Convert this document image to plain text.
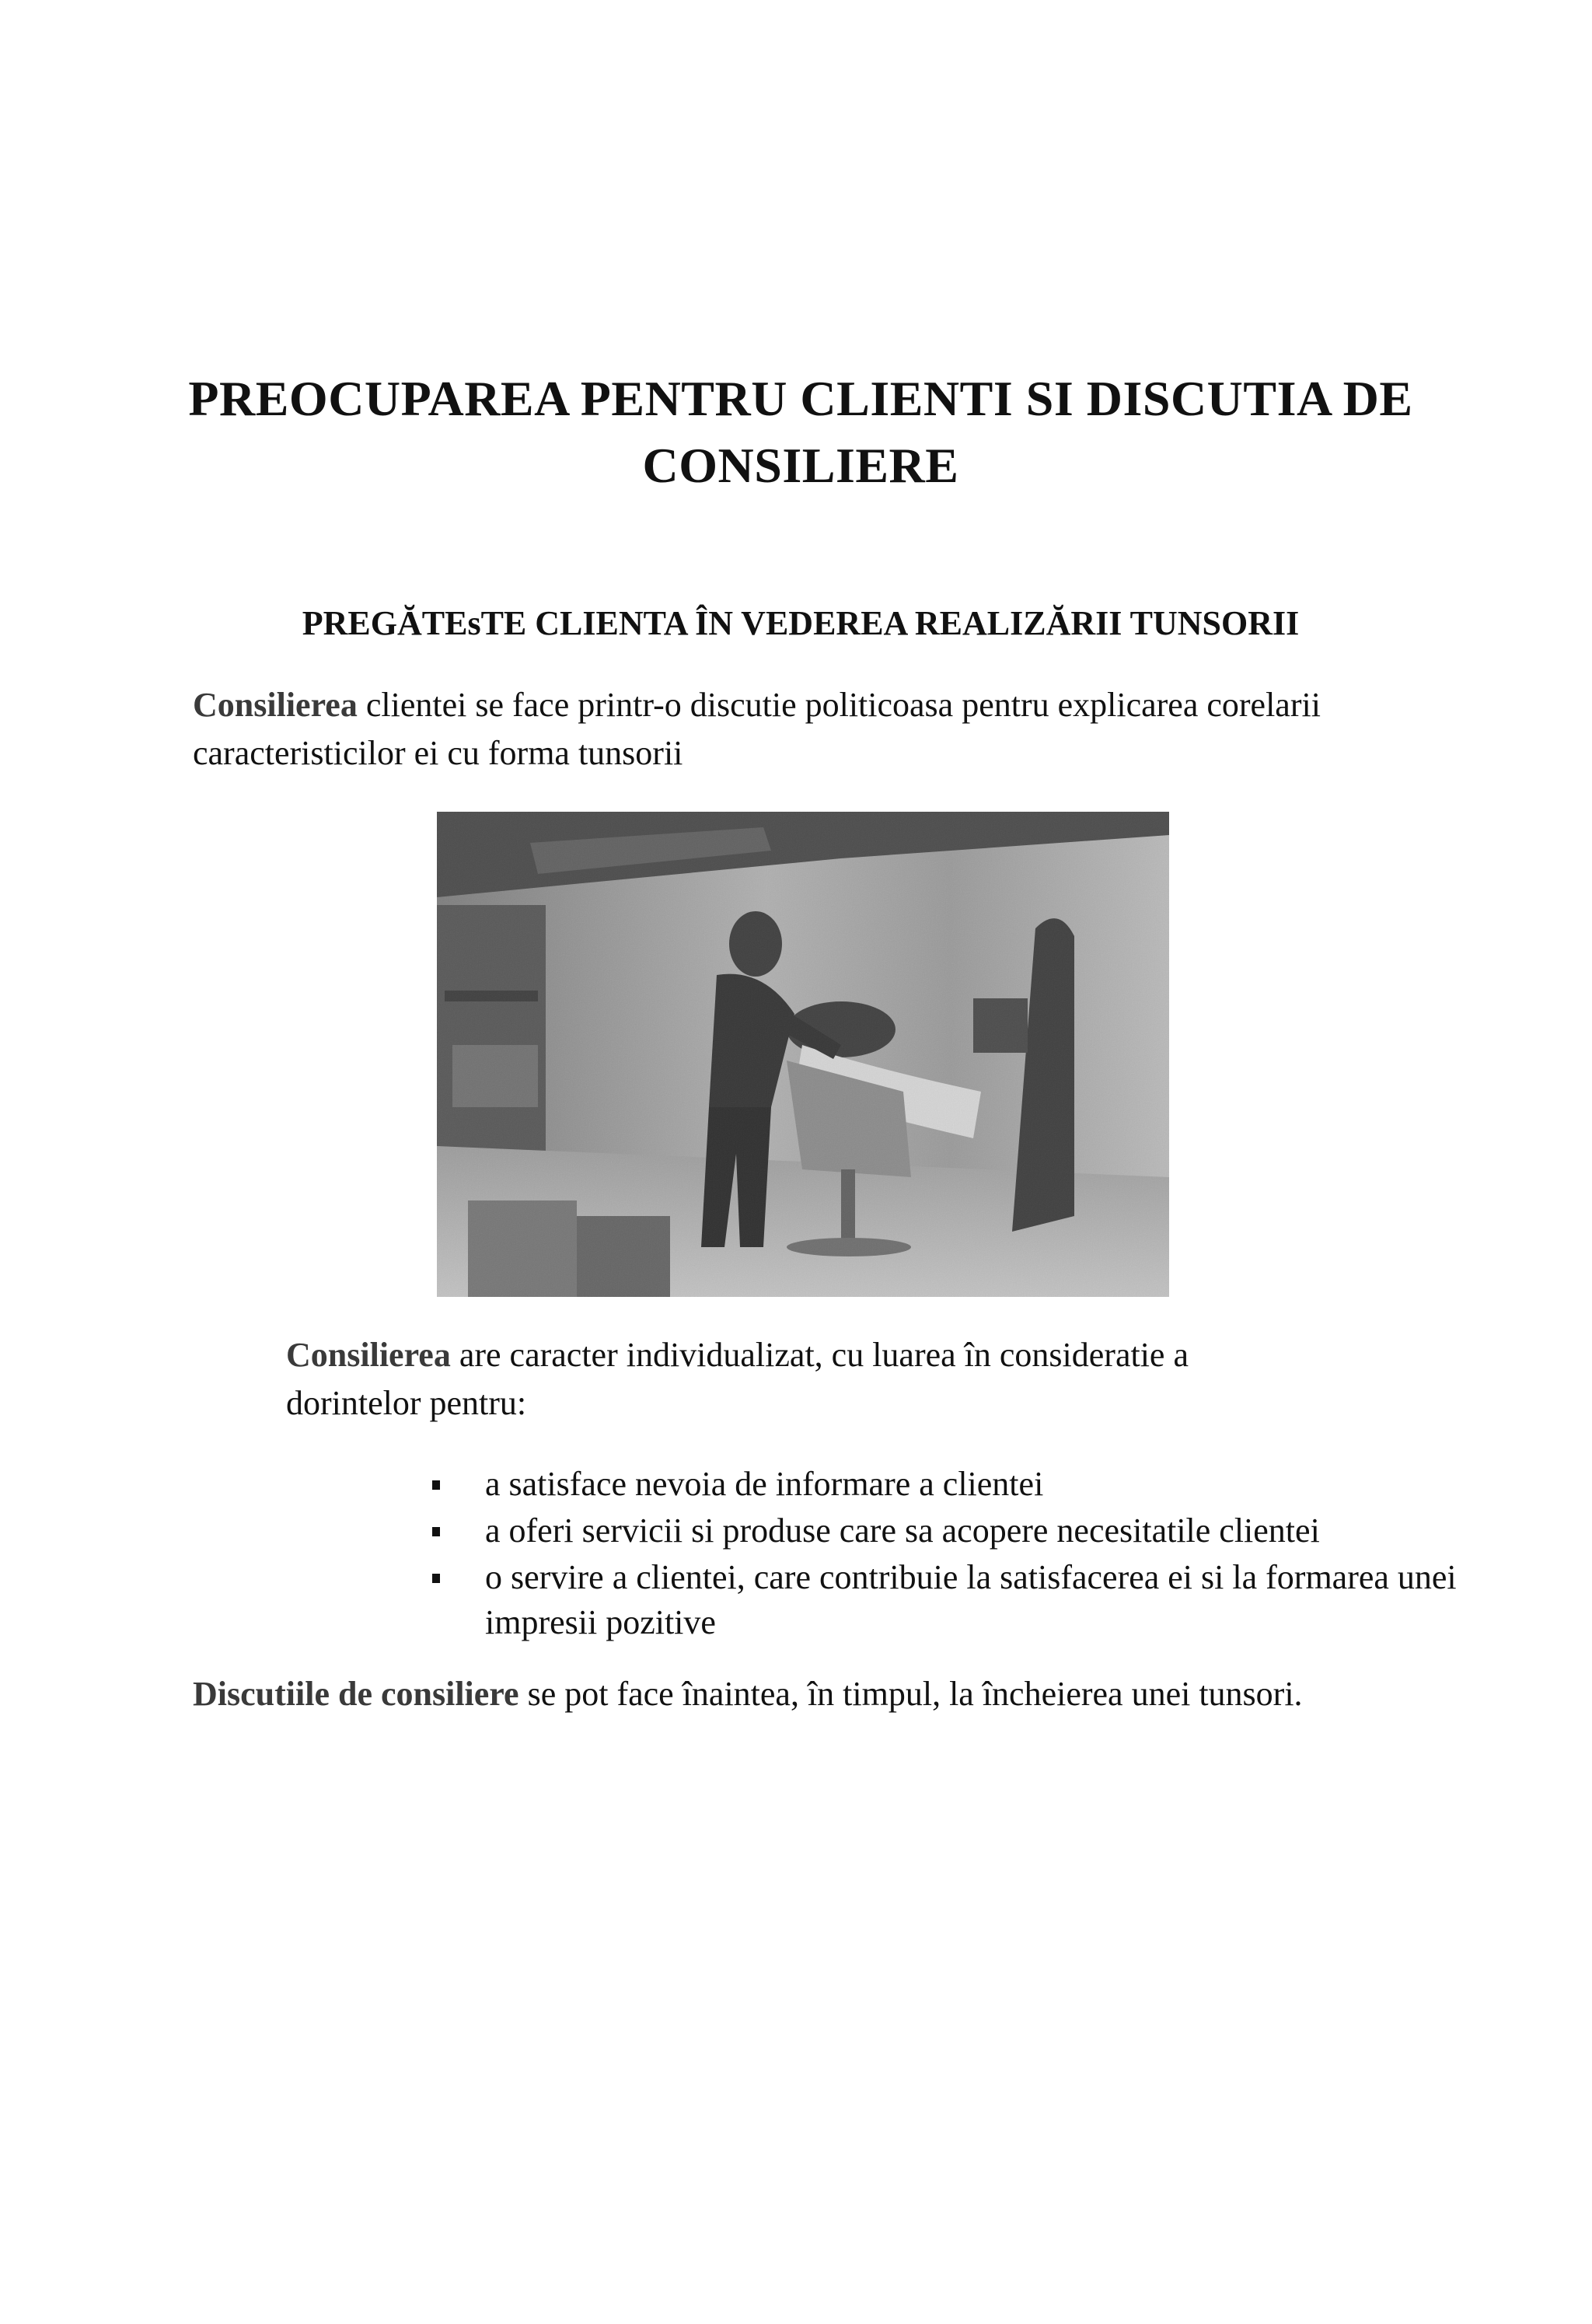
PREOCUPAREA PENTRU CLIENTI SI DISCUTIA DE CONSILIERE
PREGĂTEsTE CLIENTA ÎN VEDEREA REALIZĂRII TUNSORII

Consilierea clientei se face printr-o discutie politicoasa pentru explicarea corelarii caracteristicilor ei cu forma tunsorii

Consilierea are caracter individualizat, cu luarea în consideratie a dorintelor pentru:

a satisface nevoia de informare a clientei
a oferi servicii si produse care sa acopere necesitatile clientei
o servire a clientei, care contribuie la satisfacerea ei si la formarea unei impresii pozitive

Discutiile de consiliere se pot face înaintea, în timpul, la încheierea unei tunsori.
